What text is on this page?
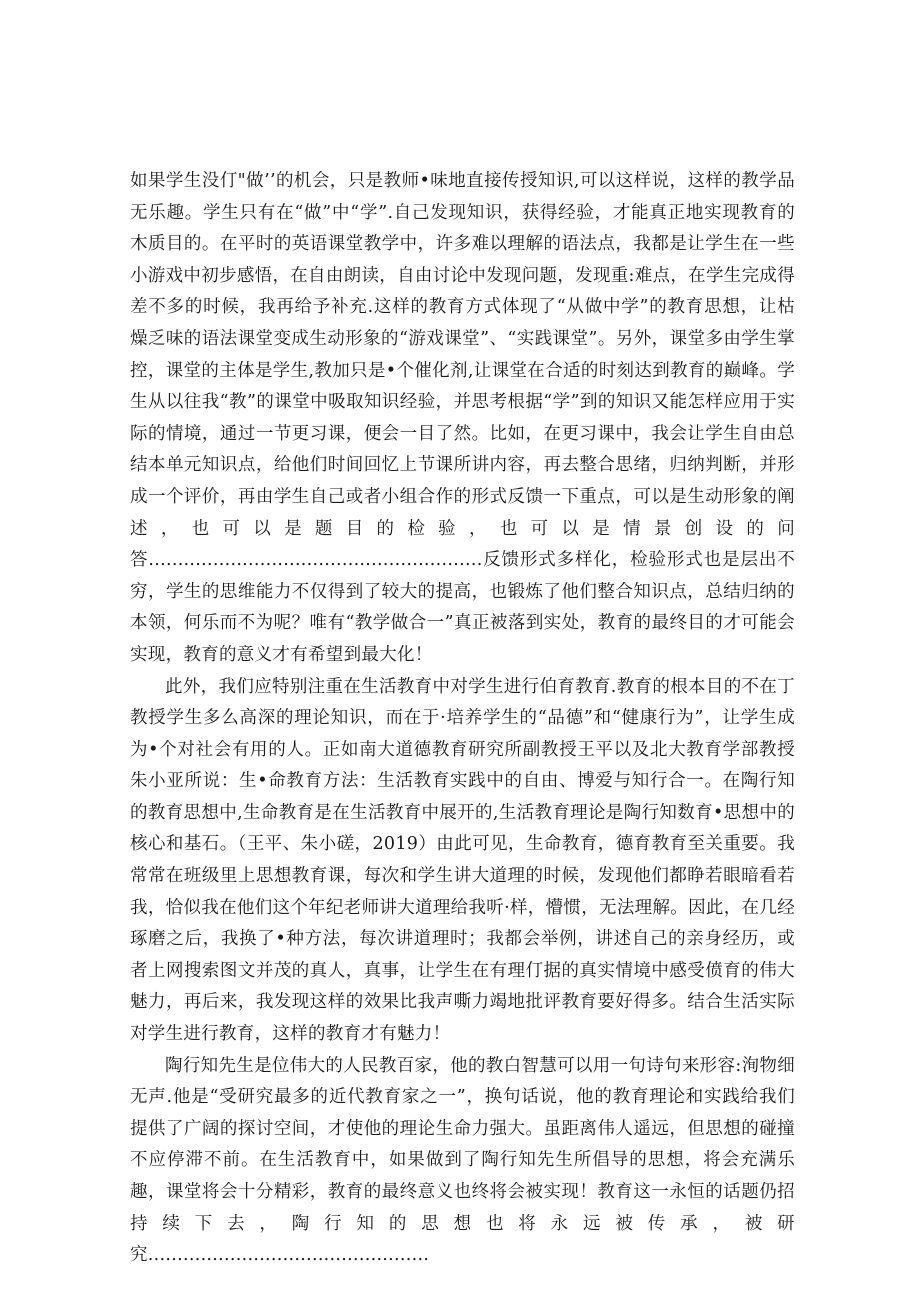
如果学生没仃"做’’的机会，只是教师•味地直接传授知识,可以这样说，这样的教学品无乐趣。学生只有在“做”中“学”.自己发现知识，获得经验，才能真正地实现教育的木质目的。在平时的英语课堂教学中，许多难以理解的语法点，我都是让学生在一些小游戏中初步感悟，在自由朗读，自由讨论中发现问题，发现重:难点，在学生完成得差不多的时候，我再给予补充.这样的教育方式体现了“从做中学”的教育思想，让枯燥乏味的语法课堂变成生动形象的“游戏课堂”、“实践课堂”。另外，课堂多由学生掌控，课堂的主体是学生,教加只是•个催化剂,让课堂在合适的时刻达到教育的巅峰。学生从以往我“教”的课堂中吸取知识经验，并思考根据“学”到的知识又能怎样应用于实际的情境，通过一节更习课，便会一目了然。比如，在更习课中，我会让学生自由总结本单元知识点，给他们时间回忆上节课所讲内容，再去整合思绪，归纳判断，并形成一个评价，再由学生自己或者小组合作的形式反馈一下重点，可以是生动形象的阐述，也可以是题目的检验，也可以是情景创设的问答.........................................................反馈形式多样化，检验形式也是层出不穷，学生的思维能力不仅得到了较大的提高，也锻炼了他们整合知识点，总结归纳的本领，何乐而不为呢？唯有“教学做合一”真正被落到实处，教育的最终目的才可能会实现，教育的意义才有希望到最大化！

此外，我们应特别注重在生活教育中对学生进行伯育教育.教育的根本目的不在丁教授学生多么高深的理论知识，而在于·培养学生的“品德”和“健康行为”，让学生成为•个对社会有用的人。正如南大道德教育研究所副教授王平以及北大教育学部教授朱小亚所说：生•命教育方法：生活教育实践中的自由、博爱与知行合一。在陶行知的教育思想中,生命教育是在生活教育中展开的,生活教育理论是陶行知数育•思想中的核心和基石。（王平、朱小磋，2019）由此可见，生命教育，德育教育至关重要。我常常在班级里上思想教育课，每次和学生讲大道理的时候，发现他们都睁若眼暗看若我，恰似我在他们这个年纪老师讲大道理给我听·样，懵惯，无法理解。因此，在几经琢磨之后，我换了•种方法，每次讲道理时；我都会举例，讲述自己的亲身经历，或者上网搜索图文并茂的真人，真事，让学生在有理仃据的真实情境中感受偾育的伟大魅力，再后来，我发现这样的效果比我声嘶力竭地批评教育要好得多。结合生活实际对学生进行教育，这样的教育才有魅力！

陶行知先生是位伟大的人民教百家，他的教白智慧可以用一句诗句来形容:洵物细无声.他是“受研究最多的近代教育家之一”，换句话说，他的教育理论和实践给我们提供了广阔的探讨空间，才使他的理论生命力强大。虽距离伟人遥远，但思想的碰撞不应停滞不前。在生活教育中，如果做到了陶行知先生所倡导的思想，将会充满乐趣，课堂将会十分精彩，教育的最终意义也终将会被实现！教育这一永恒的话题仍招持续下去，陶行知的思想也将永远被传承，被研究................................................
